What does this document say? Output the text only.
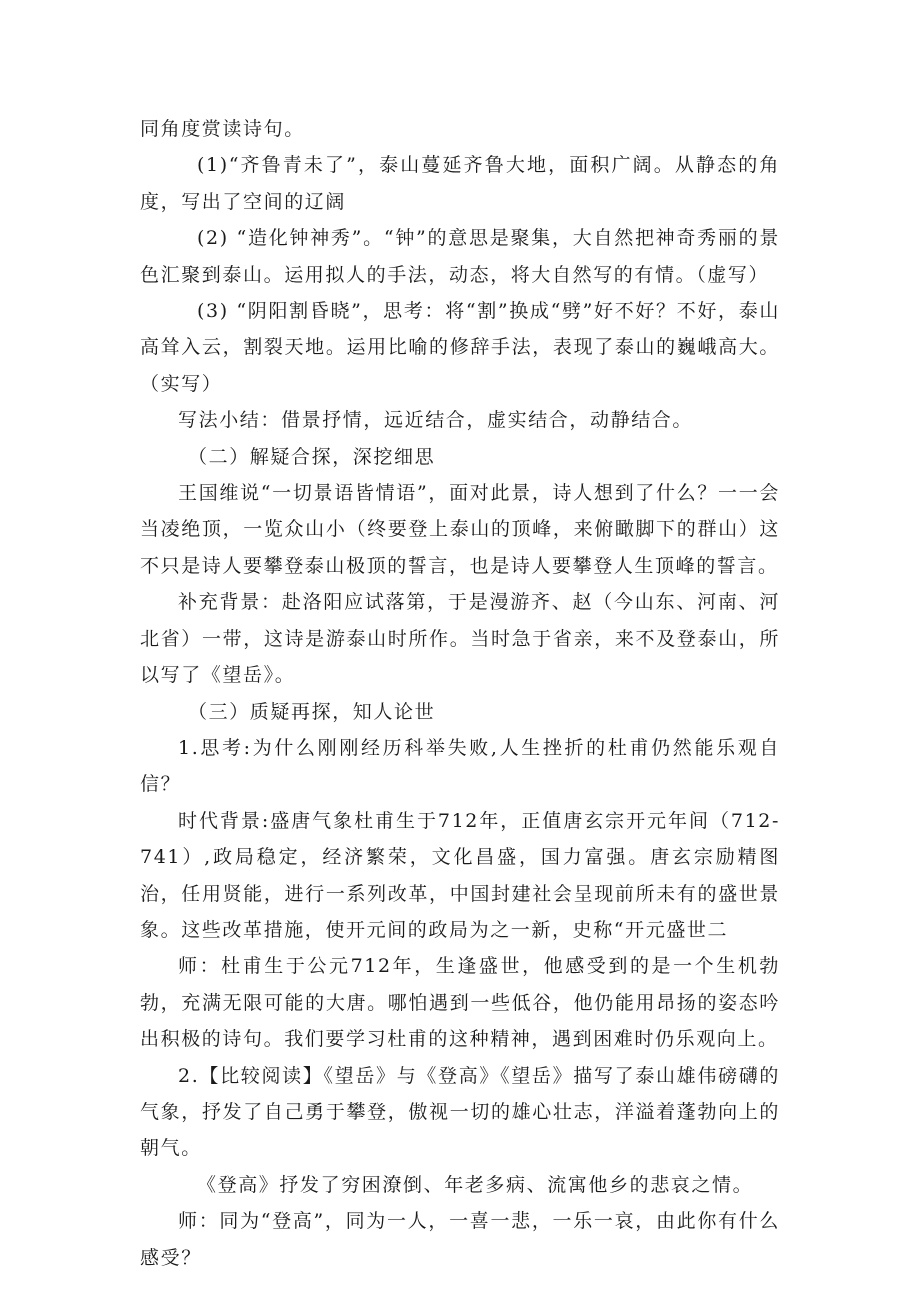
同角度赏读诗句。

(1)“齐鲁青未了”，泰山蔓延齐鲁大地，面积广阔。从静态的角度，写出了空间的辽阔

(2) “造化钟神秀”。“钟”的意思是聚集，大自然把神奇秀丽的景色汇聚到泰山。运用拟人的手法，动态，将大自然写的有情。（虚写）

(3) “阴阳割昏晓”，思考：将“割”换成“劈”好不好？不好，泰山高耸入云，割裂天地。运用比喻的修辞手法，表现了泰山的巍峨高大。（实写）

写法小结：借景抒情，远近结合，虚实结合，动静结合。

（二）解疑合探，深挖细思

王国维说“一切景语皆情语”，面对此景，诗人想到了什么？一一会当凌绝顶，一览众山小（终要登上泰山的顶峰，来俯瞰脚下的群山）这不只是诗人要攀登泰山极顶的誓言，也是诗人要攀登人生顶峰的誓言。

补充背景：赴洛阳应试落第，于是漫游齐、赵（今山东、河南、河北省）一带，这诗是游泰山时所作。当时急于省亲，来不及登泰山，所以写了《望岳》。

（三）质疑再探，知人论世

1.思考:为什么刚刚经历科举失败,人生挫折的杜甫仍然能乐观自信？

时代背景:盛唐气象杜甫生于712年，正值唐玄宗开元年间（712-741）,政局稳定，经济繁荣，文化昌盛，国力富强。唐玄宗励精图治，任用贤能，进行一系列改革，中国封建社会呈现前所未有的盛世景象。这些改革措施，使开元间的政局为之一新，史称“开元盛世二

师：杜甫生于公元712年，生逢盛世，他感受到的是一个生机勃勃，充满无限可能的大唐。哪怕遇到一些低谷，他仍能用昂扬的姿态吟出积极的诗句。我们要学习杜甫的这种精神，遇到困难时仍乐观向上。

2.【比较阅读】《望岳》与《登高》《望岳》描写了泰山雄伟磅礴的气象，抒发了自己勇于攀登，傲视一切的雄心壮志，洋溢着蓬勃向上的朝气。

《登高》抒发了穷困潦倒、年老多病、流寓他乡的悲哀之情。

师：同为“登高”，同为一人，一喜一悲，一乐一哀，由此你有什么感受？
